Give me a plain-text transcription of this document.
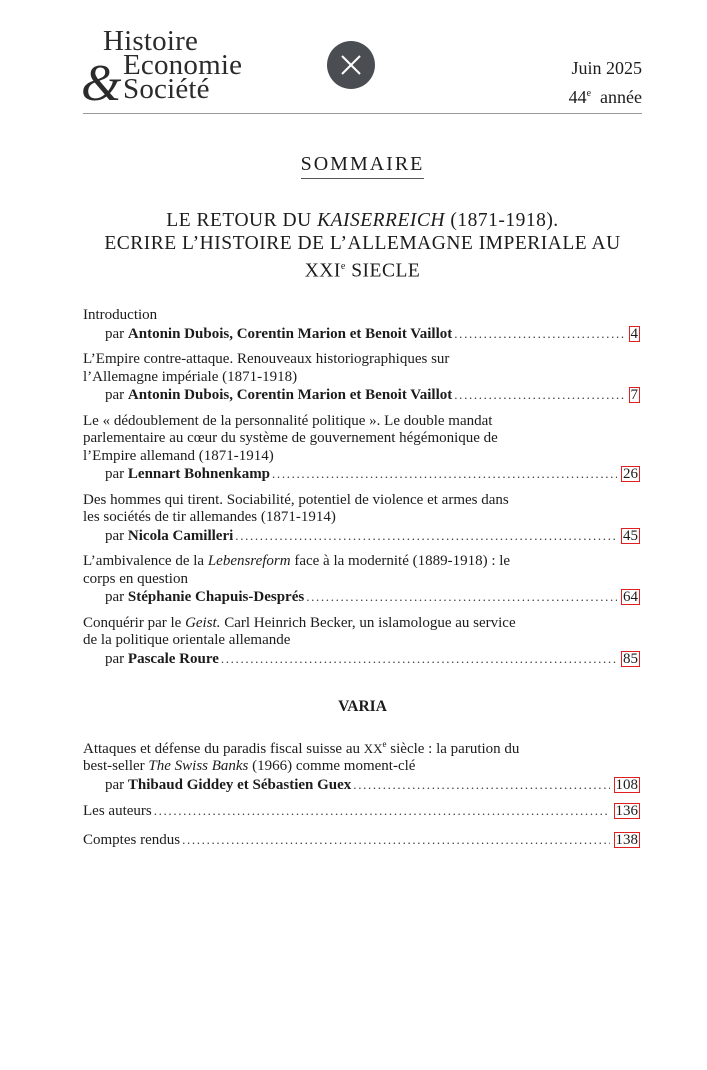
&
Histoire
Economie
Société
Juin 2025
44e année
SOMMAIRE
LE RETOUR DU KAISERREICH (1871-1918).
ECRIRE L’HISTOIRE DE L’ALLEMAGNE IMPERIALE AU
XXIe SIECLE
Introduction
par
Antonin Dubois, Corentin Marion et Benoit Vaillot . . .	4
L’Empire contre-attaque. Renouveaux historiographiques sur
l’Allemagne impériale (1871-1918)
par
Antonin Dubois, Corentin Marion et Benoit Vaillot . . .	7
Le « dédoublement de la personnalité politique ». Le double mandat
parlementaire au cœur du système de gouvernement hégémonique de
l’Empire allemand (1871-1914)
par
Lennart Bohnenkamp . . .	26
Des hommes qui tirent. Sociabilité, potentiel de violence et armes dans
les sociétés de tir allemandes (1871-1914)
par
Nicola Camilleri . . .	45
L’ambivalence de la Lebensreform face à la modernité (1889-1918) : le
corps en question
par
Stéphanie Chapuis-Després . . .	64
Conquérir par le Geist. Carl Heinrich Becker, un islamologue au service
de la politique orientale allemande
par
Pascale Roure . . .	85
VARIA
Attaques et défense du paradis fiscal suisse au XXe siècle : la parution du
best-seller The Swiss Banks (1966) comme moment-clé
par
Thibaud Giddey et Sébastien Guex . . .	108
Les auteurs . . .	136
Comptes rendus . . .	138
